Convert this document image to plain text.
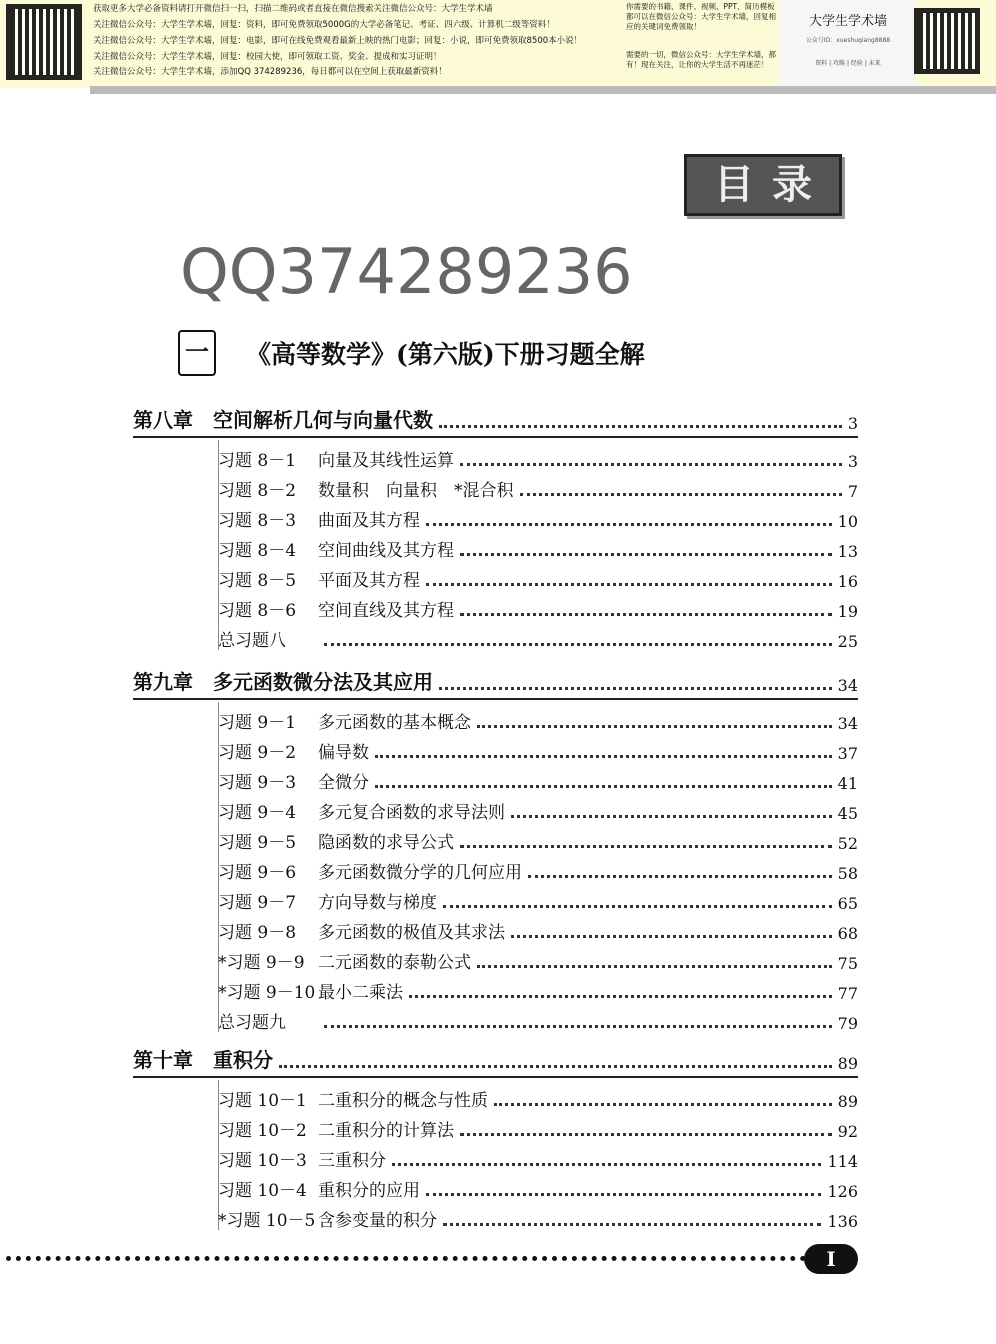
获取更多大学必备资料请打开微信扫一扫，扫描二维码或者直接在微信搜索关注微信公众号：大学生学术墙
关注微信公众号：大学生学术墙，回复：资料，即可免费领取5000G的大学必备笔记、考证、四六级、计算机二级等资料！
关注微信公众号：大学生学术墙，回复：电影，即可在线免费观看最新上映的热门电影；回复：小说，即可免费领取8500本小说！
关注微信公众号：大学生学术墙，回复：校园大使，即可领取工资、奖金、提成和实习证明！
关注微信公众号：大学生学术墙，添加QQ 374289236，每日都可以在空间上获取最新资料！
你需要的书籍、课件、视频、PPT、简历模板都可以在微信公众号：大学生学术墙，回复相应的关键词免费领取！
需要的一切，微信公众号：大学生学术墙，都有！现在关注，让你的大学生活不再迷茫！
大学生学术墙
公众号ID：xueshuqiang8888
资料 | 攻略 | 经验 | 未来
目录
QQ374289236
一 《高等数学》(第六版)下册习题全解
第八章 空间解析几何与向量代数	3
习题 8－1	向量及其线性运算	3
习题 8－2	数量积　向量积　*混合积	7
习题 8－3	曲面及其方程	10
习题 8－4	空间曲线及其方程	13
习题 8－5	平面及其方程	16
习题 8－6	空间直线及其方程	19
总习题八	25
第九章 多元函数微分法及其应用	34
习题 9－1	多元函数的基本概念	34
习题 9－2	偏导数	37
习题 9－3	全微分	41
习题 9－4	多元复合函数的求导法则	45
习题 9－5	隐函数的求导公式	52
习题 9－6	多元函数微分学的几何应用	58
习题 9－7	方向导数与梯度	65
习题 9－8	多元函数的极值及其求法	68
*习题 9－9 二元函数的泰勒公式	75
*习题 9－10 最小二乘法	77
总习题九	79
第十章 重积分	89
习题 10－1 二重积分的概念与性质	89
习题 10－2 二重积分的计算法	92
习题 10－3 三重积分	114
习题 10－4 重积分的应用	126
*习题 10－5 含参变量的积分	136
I
